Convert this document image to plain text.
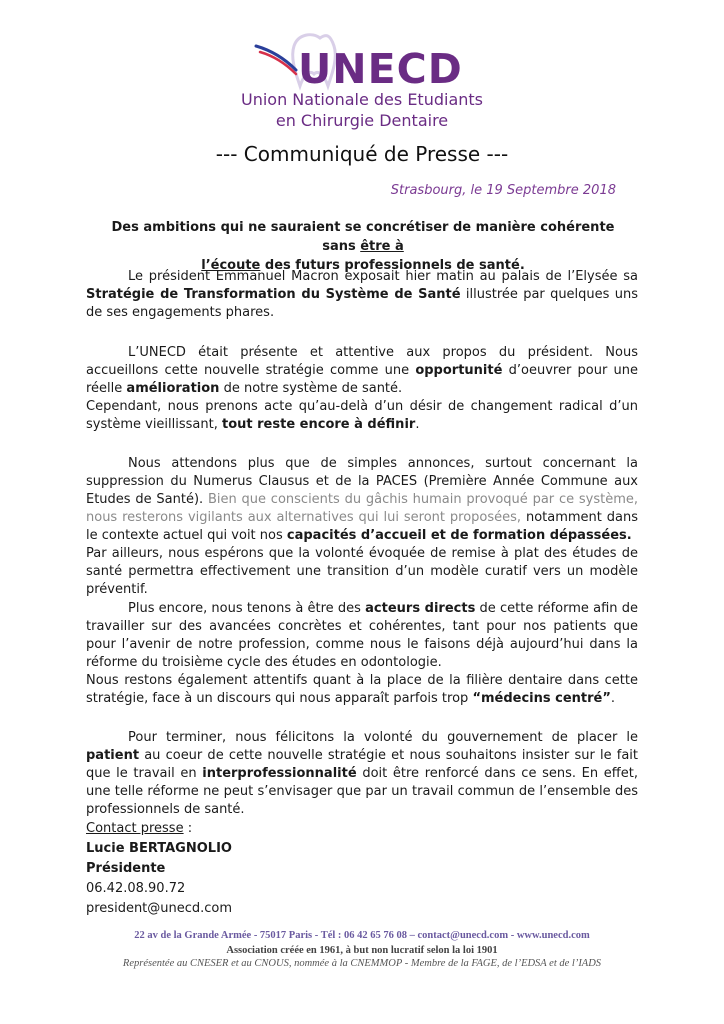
UNECD
Union Nationale des Etudiants
en Chirurgie Dentaire
--- Communiqué de Presse ---
Strasbourg, le 19 Septembre 2018
Des ambitions qui ne sauraient se concrétiser de manière cohérente sans être à
l’écoute des futurs professionnels de santé.

Le président Emmanuel Macron exposait hier matin au palais de l’Elysée sa Stratégie de Transformation du Système de Santé illustrée par quelques uns de ses engagements phares.

L’UNECD était présente et attentive aux propos du président. Nous accueillons cette nouvelle stratégie comme une opportunité d’oeuvrer pour une réelle amélioration de notre système de santé.

Cependant, nous prenons acte qu’au-delà d’un désir de changement radical d’un système vieillissant, tout reste encore à définir.

Nous attendons plus que de simples annonces, surtout concernant la suppression du Numerus Clausus et de la PACES (Première Année Commune aux Etudes de Santé). Bien que conscients du gâchis humain provoqué par ce système, nous resterons vigilants aux alternatives qui lui seront proposées, notamment dans le contexte actuel qui voit nos capacités d’accueil et de formation dépassées.

Par ailleurs, nous espérons que la volonté évoquée de remise à plat des études de santé permettra effectivement une transition d’un modèle curatif vers un modèle préventif.

Plus encore, nous tenons à être des acteurs directs de cette réforme afin de travailler sur des avancées concrètes et cohérentes, tant pour nos patients que pour l’avenir de notre profession, comme nous le faisons déjà aujourd’hui dans la réforme du troisième cycle des études en odontologie.

Nous restons également attentifs quant à la place de la filière dentaire dans cette stratégie, face à un discours qui nous apparaît parfois trop “médecins centré”.

Pour terminer, nous félicitons la volonté du gouvernement de placer le patient au coeur de cette nouvelle stratégie et nous souhaitons insister sur le fait que le travail en interprofessionnalité doit être renforcé dans ce sens. En effet, une telle réforme ne peut s’envisager que par un travail commun de l’ensemble des professionnels de santé.

Contact presse :
Lucie BERTAGNOLIO
Présidente
06.42.08.90.72
president@unecd.com
22 av de la Grande Armée - 75017 Paris - Tél : 06 42 65 76 08 – contact@unecd.com - www.unecd.com
Association créée en 1961, à but non lucratif selon la loi 1901
Représentée au CNESER et au CNOUS, nommée à la CNEMMOP - Membre de la FAGE, de l’EDSA et de l’IADS
